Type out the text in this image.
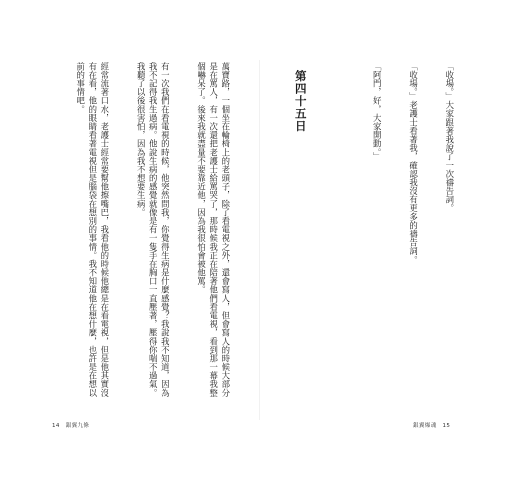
「收場。」大家跟著我說了一次禱告詞。

「收場。」老護士看著我，確認我沒有更多的禱告詞。

「阿門，好，大家開動。」

第四十五日

萬寶路，一個坐在輪椅上的老頭子，除了看電視之外，還會寫人，但會寫人的時候大部分是在罵人，有一次還把老護士給罵哭了，那時候我正在陪著他們看電視，看到那一幕我整個嚇呆了。後來我就盡量不要靠近他，因為我很怕會被他罵。

有一次我們在看電視的時候，他突然問我，你覺得生病是什麼感覺？我說我不知道，因為我不記得我生過病。他說生病的感覺就像是有一隻手在胸口一直壓著，壓得你喘不過氣。我聽了以後很害怕，因為我不想要生病。

經常流著口水，老護士經常要幫他擦嘴巴，我看他的時候他總是在看電視，但是他其實沒有在看，他的眼睛看著電視但是腦袋在想別的事情。我不知道他在想什麼，也許是在想以前的事情吧。

14　銀翼九條	銀翼爆魂　15
